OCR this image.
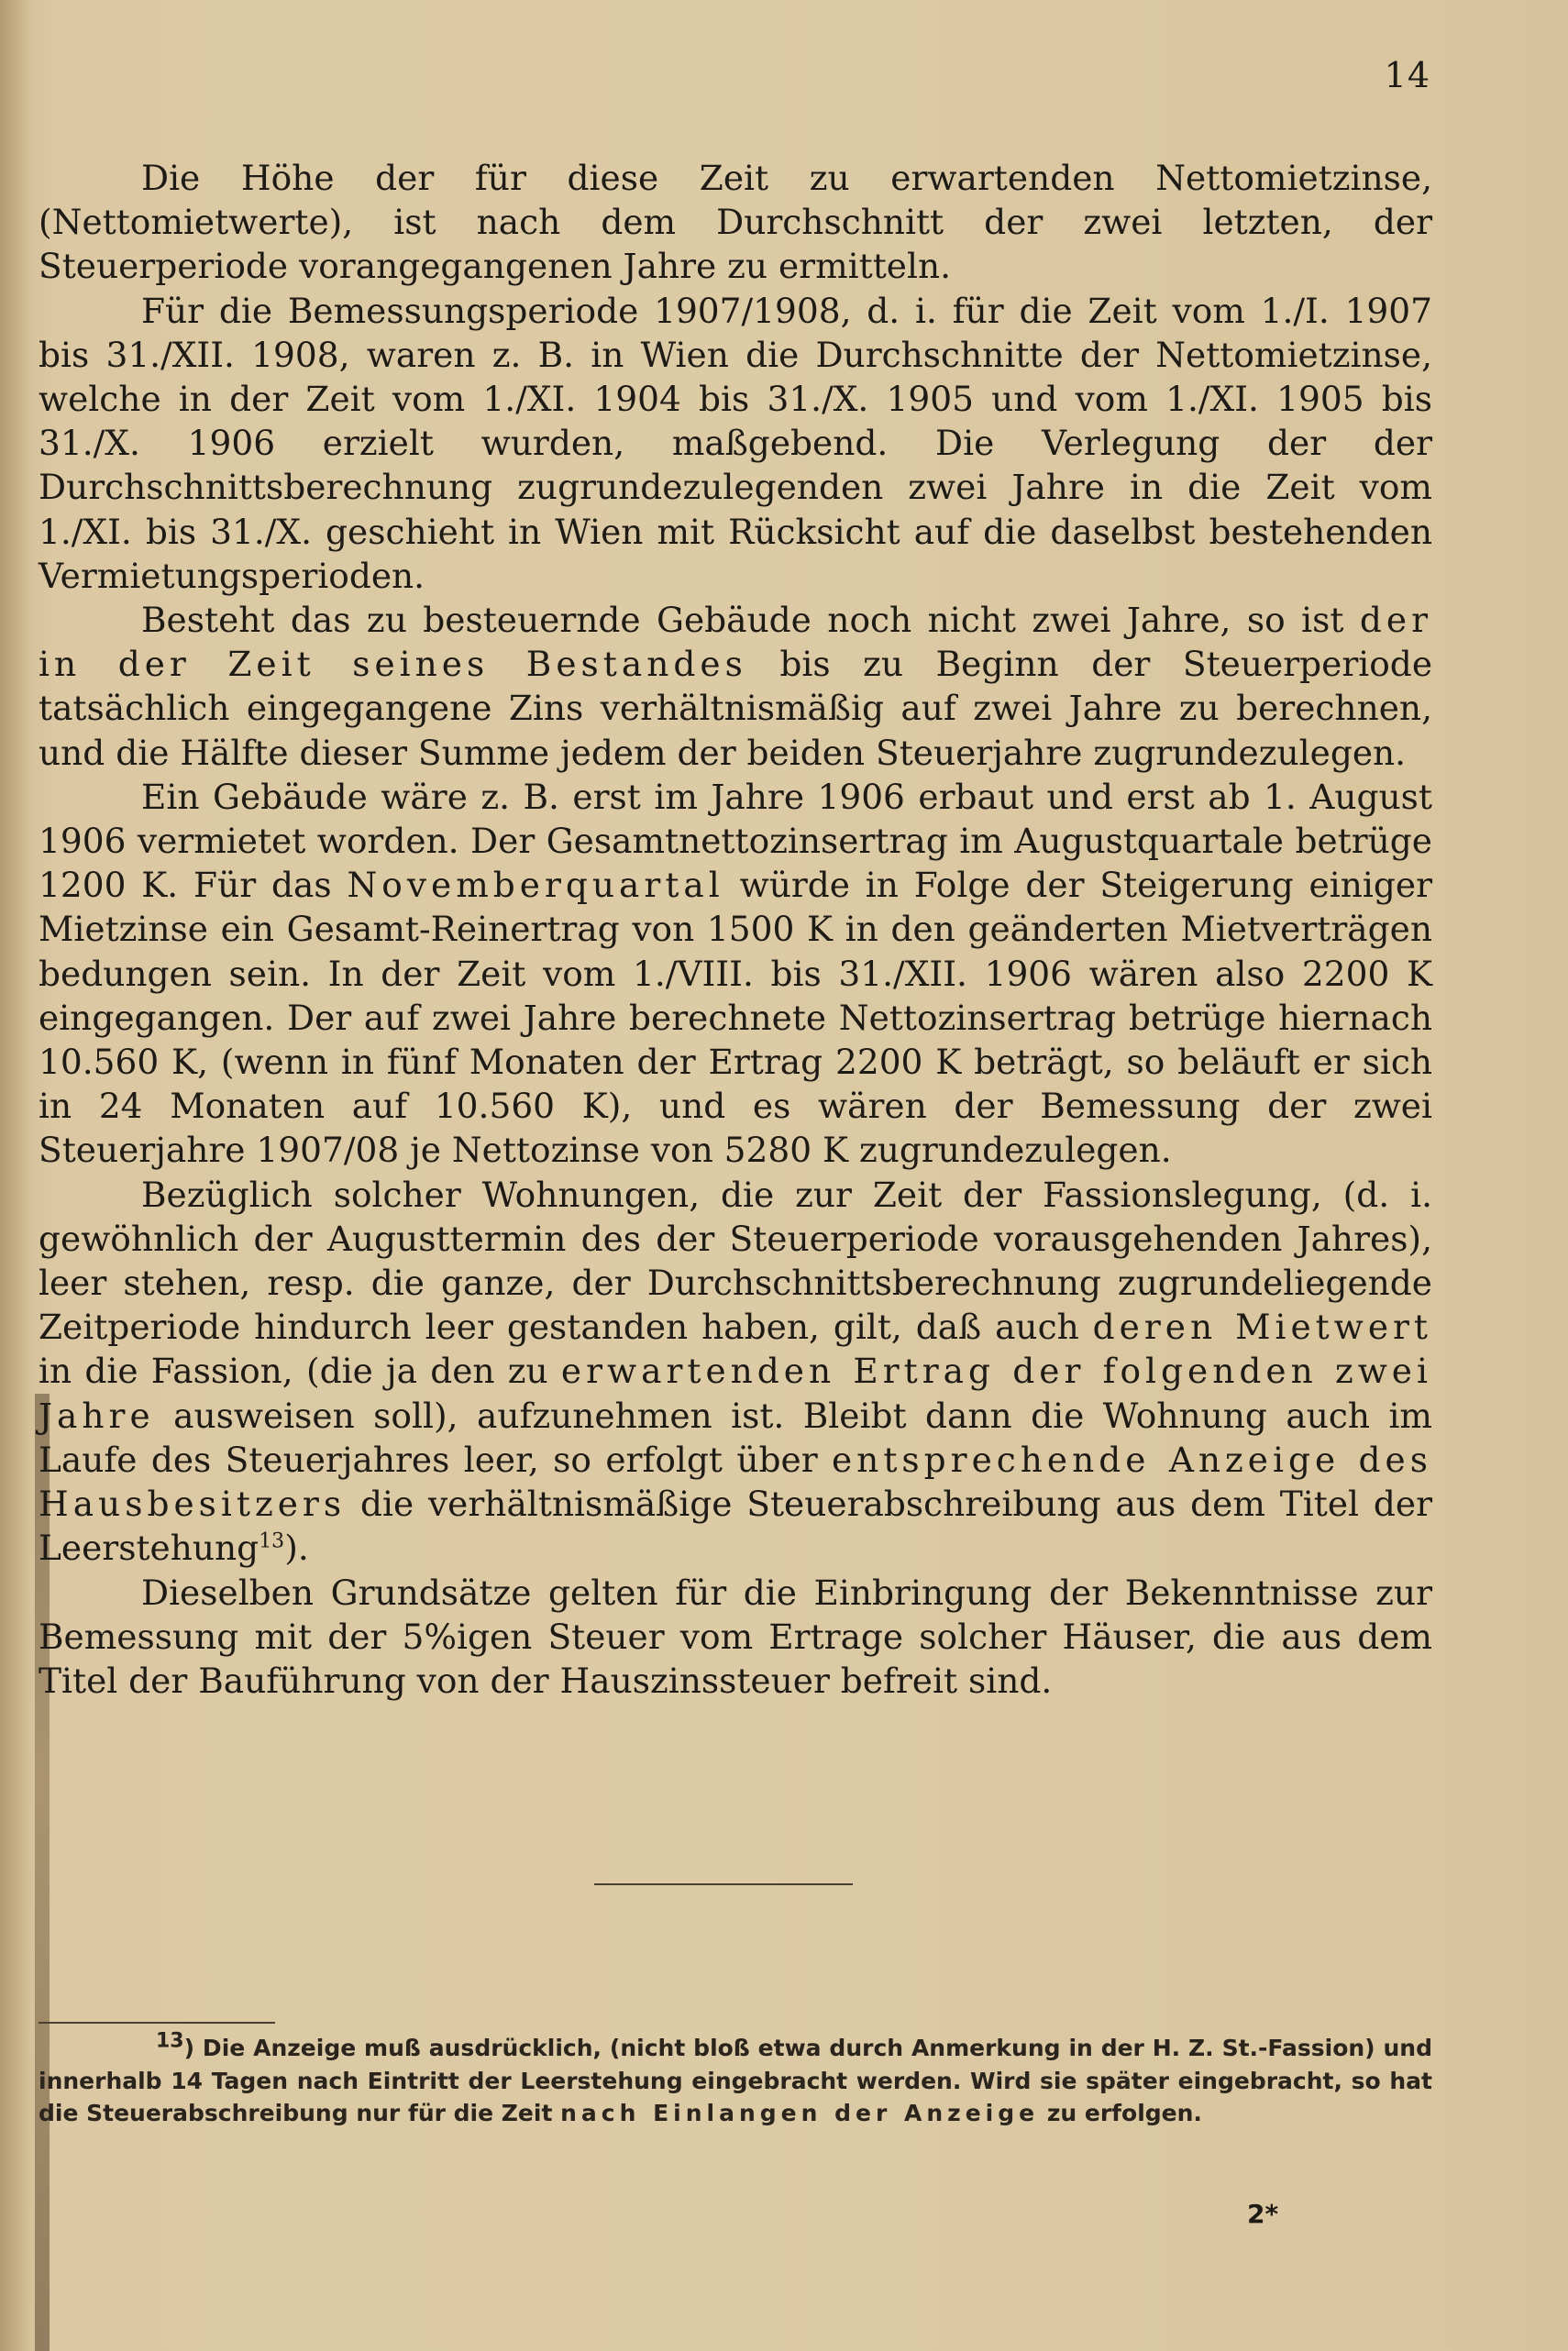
14

Die Höhe der für diese Zeit zu erwartenden Nettomietzinse, (Nettomietwerte), ist nach dem Durchschnitt der zwei letzten, der Steuerperiode vorangegangenen Jahre zu ermitteln.

Für die Bemessungsperiode 1907/1908, d. i. für die Zeit vom 1./I. 1907 bis 31./XII. 1908, waren z. B. in Wien die Durchschnitte der Nettomietzinse, welche in der Zeit vom 1./XI. 1904 bis 31./X. 1905 und vom 1./XI. 1905 bis 31./X. 1906 erzielt wurden, maßgebend. Die Verlegung der der Durchschnittsberechnung zugrundezulegenden zwei Jahre in die Zeit vom 1./XI. bis 31./X. geschieht in Wien mit Rücksicht auf die daselbst bestehenden Vermietungsperioden.

Besteht das zu besteuernde Gebäude noch nicht zwei Jahre, so ist der in der Zeit seines Bestandes bis zu Beginn der Steuerperiode tatsächlich eingegangene Zins verhältnismäßig auf zwei Jahre zu berechnen, und die Hälfte dieser Summe jedem der beiden Steuerjahre zugrundezulegen.

Ein Gebäude wäre z. B. erst im Jahre 1906 erbaut und erst ab 1. August 1906 vermietet worden. Der Gesamtnettozinsertrag im Augustquartale betrüge 1200 K. Für das Novemberquartal würde in Folge der Steigerung einiger Mietzinse ein Gesamt-Reinertrag von 1500 K in den geänderten Mietverträgen bedungen sein. In der Zeit vom 1./VIII. bis 31./XII. 1906 wären also 2200 K eingegangen. Der auf zwei Jahre berechnete Nettozinsertrag betrüge hiernach 10.560 K, (wenn in fünf Monaten der Ertrag 2200 K beträgt, so beläuft er sich in 24 Monaten auf 10.560 K), und es wären der Bemessung der zwei Steuerjahre 1907/08 je Nettozinse von 5280 K zugrundezulegen.

Bezüglich solcher Wohnungen, die zur Zeit der Fassionslegung, (d. i. gewöhnlich der Augusttermin des der Steuerperiode vorausgehenden Jahres), leer stehen, resp. die ganze, der Durchschnittsberechnung zugrundeliegende Zeitperiode hindurch leer gestanden haben, gilt, daß auch deren Mietwert in die Fassion, (die ja den zu erwartenden Ertrag der folgenden zwei Jahre ausweisen soll), aufzunehmen ist. Bleibt dann die Wohnung auch im Laufe des Steuerjahres leer, so erfolgt über entsprechende Anzeige des Hausbesitzers die verhältnismäßige Steuerabschreibung aus dem Titel der Leerstehung$^{13}$).

Dieselben Grundsätze gelten für die Einbringung der Bekenntnisse zur Bemessung mit der 5%igen Steuer vom Ertrage solcher Häuser, die aus dem Titel der Bauführung von der Hauszinssteuer befreit sind.

$^{13}$) Die Anzeige muß ausdrücklich, (nicht bloß etwa durch Anmerkung in der H. Z. St.-Fassion) und innerhalb 14 Tagen nach Eintritt der Leerstehung eingebracht werden. Wird sie später eingebracht, so hat die Steuerabschreibung nur für die Zeit nach Einlangen der Anzeige zu erfolgen.

2*
